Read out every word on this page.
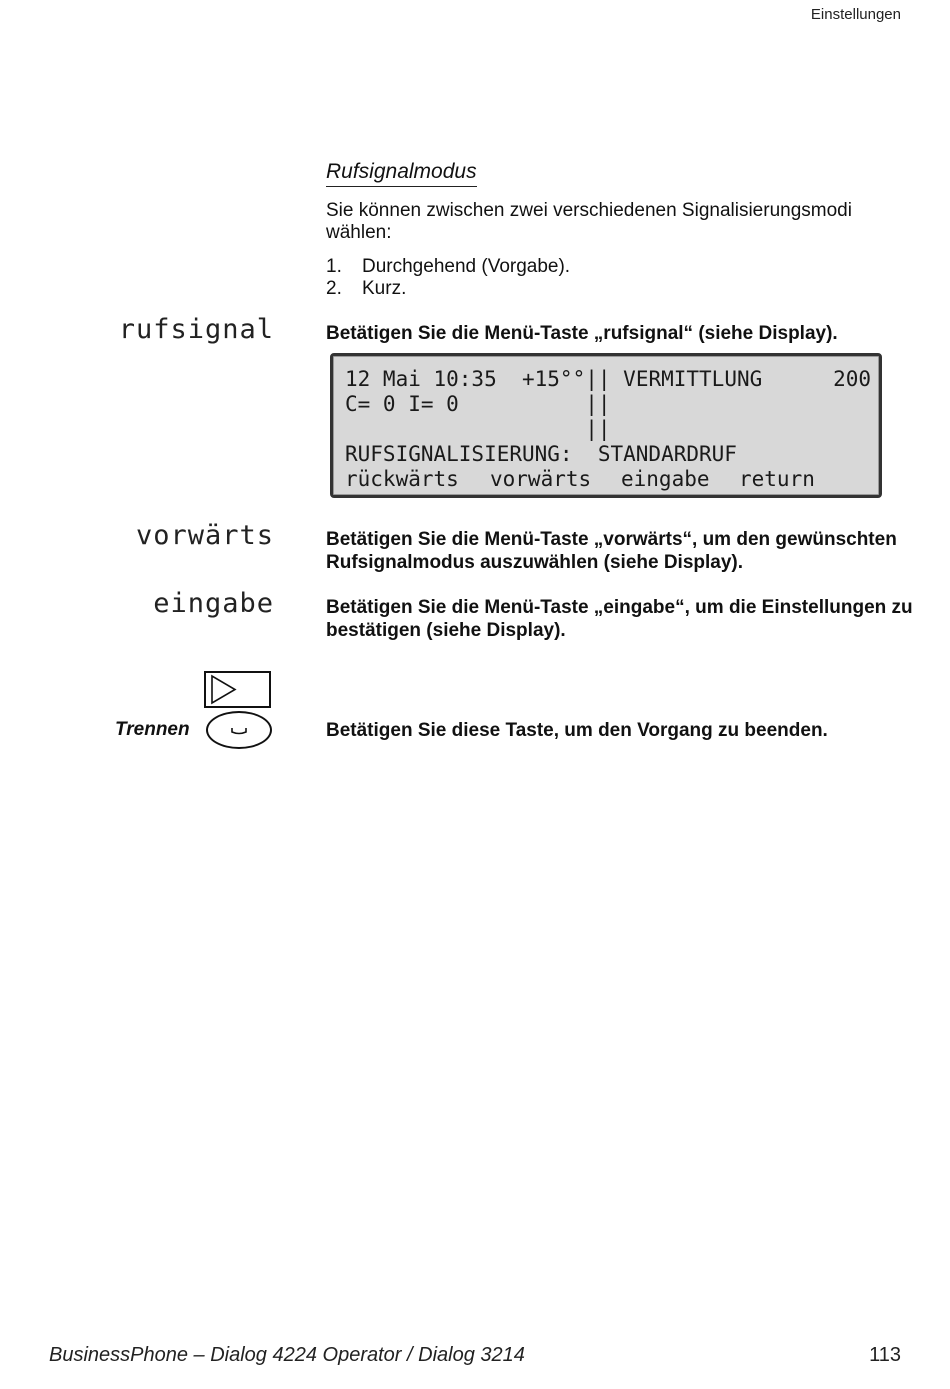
Einstellungen
Rufsignalmodus
Sie können zwischen zwei verschiedenen Signalisierungsmodi wählen:
1.	Durchgehend (Vorgabe).
2.	Kurz.
rufsignal	Betätigen Sie die Menü-Taste „rufsignal“ (siehe Display).
12 Mai 10:35  +15°°|| VERMITTLUNG	200
C= 0 I= 0          ||
||
RUFSIGNALISIERUNG:  STANDARDRUF
rückwärts	vorwärts	eingabe	return
vorwärts	Betätigen Sie die Menü-Taste „vorwärts“, um den gewünschten Rufsignalmodus auszuwählen (siehe Display).
eingabe	Betätigen Sie die Menü-Taste „eingabe“, um die Einstellungen zu bestätigen (siehe Display).
Trennen	Betätigen Sie diese Taste, um den Vorgang zu beenden.
BusinessPhone – Dialog 4224 Operator / Dialog 3214	113
